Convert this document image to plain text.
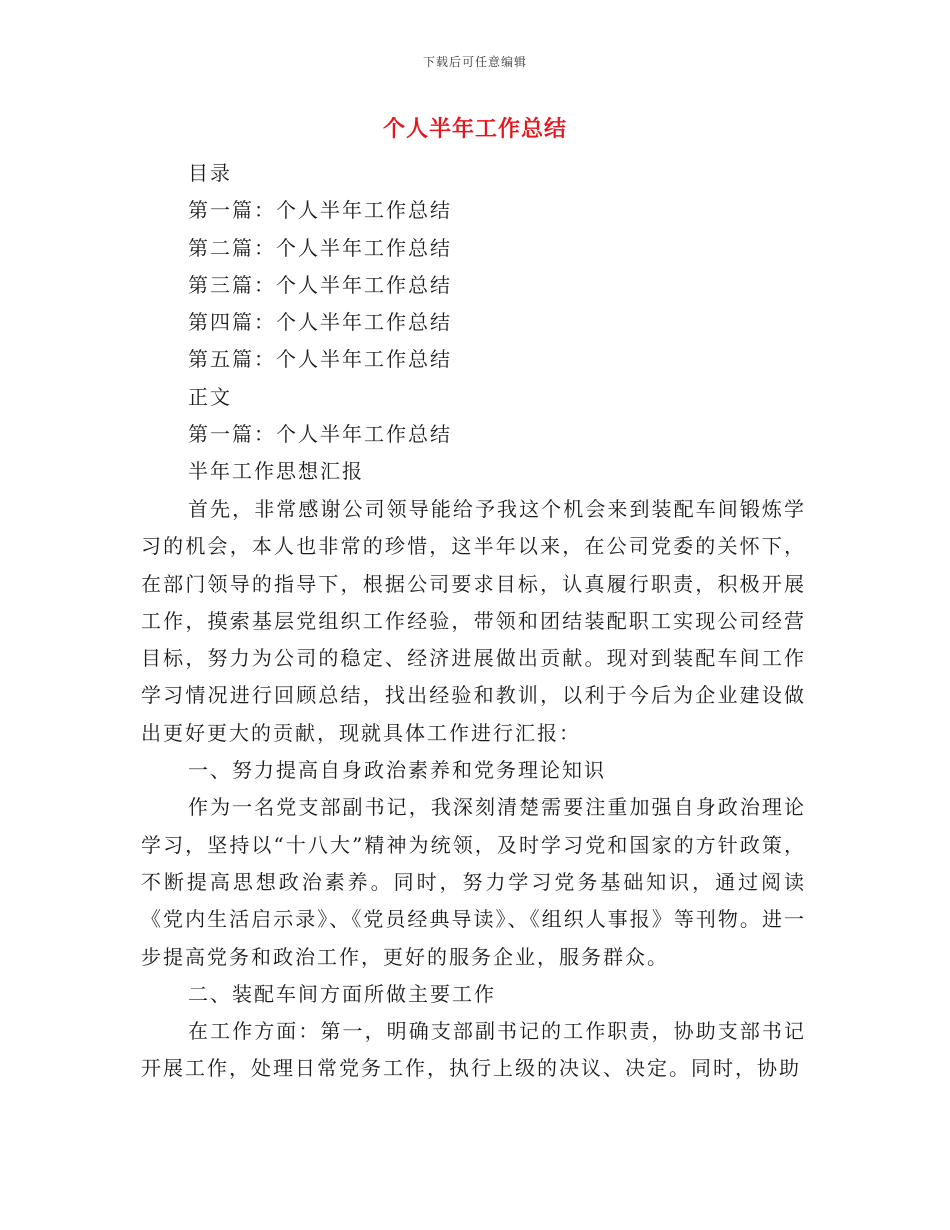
下载后可任意编辑
个人半年工作总结
目录
第一篇：个人半年工作总结
第二篇：个人半年工作总结
第三篇：个人半年工作总结
第四篇：个人半年工作总结
第五篇：个人半年工作总结
正文
第一篇：个人半年工作总结
半年工作思想汇报

首先，非常感谢公司领导能给予我这个机会来到装配车间锻炼学习的机会，本人也非常的珍惜，这半年以来，在公司党委的关怀下，在部门领导的指导下，根据公司要求目标，认真履行职责，积极开展工作，摸索基层党组织工作经验，带领和团结装配职工实现公司经营目标，努力为公司的稳定、经济进展做出贡献。现对到装配车间工作学习情况进行回顾总结，找出经验和教训，以利于今后为企业建设做出更好更大的贡献，现就具体工作进行汇报：

一、努力提高自身政治素养和党务理论知识

作为一名党支部副书记，我深刻清楚需要注重加强自身政治理论学习，坚持以“十八大”精神为统领，及时学习党和国家的方针政策，不断提高思想政治素养。同时，努力学习党务基础知识，通过阅读《党内生活启示录》、《党员经典导读》、《组织人事报》等刊物。进一步提高党务和政治工作，更好的服务企业，服务群众。

二、装配车间方面所做主要工作

在工作方面：第一，明确支部副书记的工作职责，协助支部书记开展工作，处理日常党务工作，执行上级的决议、决定。同时，协助
